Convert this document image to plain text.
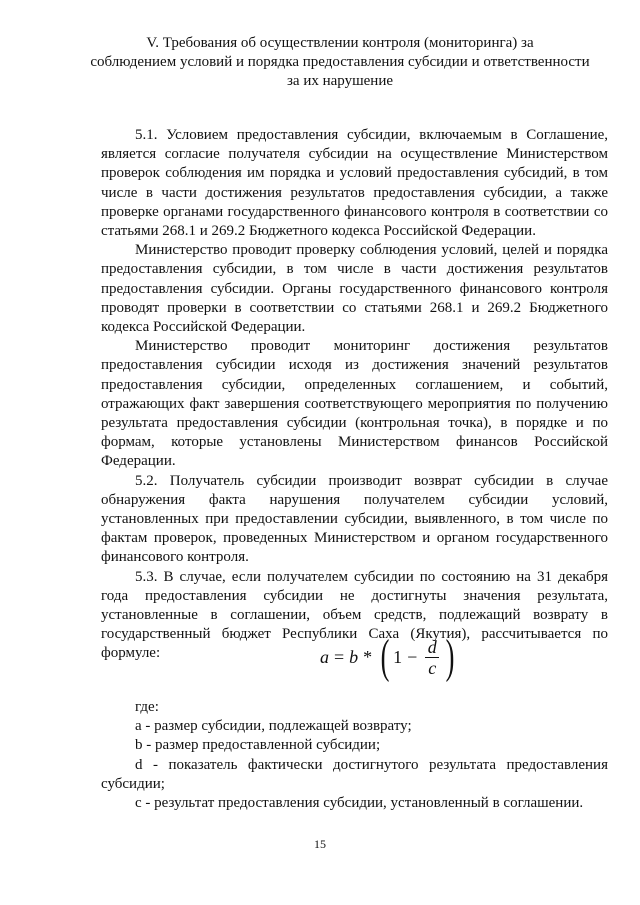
V. Требования об осуществлении контроля (мониторинга) за
соблюдением условий и порядка предоставления субсидии и ответственности
за их нарушение

5.1. Условием предоставления субсидии, включаемым в Соглашение, является согласие получателя субсидии на осуществление Министерством проверок соблюдения им порядка и условий предоставления субсидий, в том числе в части достижения результатов предоставления субсидии, а также проверке органами государственного финансового контроля в соответствии со статьями 268.1 и 269.2 Бюджетного кодекса Российской Федерации.

Министерство проводит проверку соблюдения условий, целей и порядка предоставления субсидии, в том числе в части достижения результатов предоставления субсидии. Органы государственного финансового контроля проводят проверки в соответствии со статьями 268.1 и 269.2 Бюджетного кодекса Российской Федерации.

Министерство проводит мониторинг достижения результатов предоставления субсидии исходя из достижения значений результатов предоставления субсидии, определенных соглашением, и событий, отражающих факт завершения соответствующего мероприятия по получению результата предоставления субсидии (контрольная точка), в порядке и по формам, которые установлены Министерством финансов Российской Федерации.

5.2. Получатель субсидии производит возврат субсидии в случае обнаружения факта нарушения получателем субсидии условий, установленных при предоставлении субсидии, выявленного, в том числе по фактам проверок, проведенных Министерством и органом государственного финансового контроля.

5.3. В случае, если получателем субсидии по состоянию на 31 декабря года предоставления субсидии не достигнуты значения результата, установленные в соглашении, объем средств, подлежащий возврату в государственный бюджет Республики Саха (Якутия), рассчитывается по формуле:	a = b * ( $1 - \frac{d}{c}$ )

где:

а - размер субсидии, подлежащей возврату;

b - размер предоставленной субсидии;

d - показатель фактически достигнутого результата предоставления субсидии;

с - результат предоставления субсидии, установленный в соглашении.

15
